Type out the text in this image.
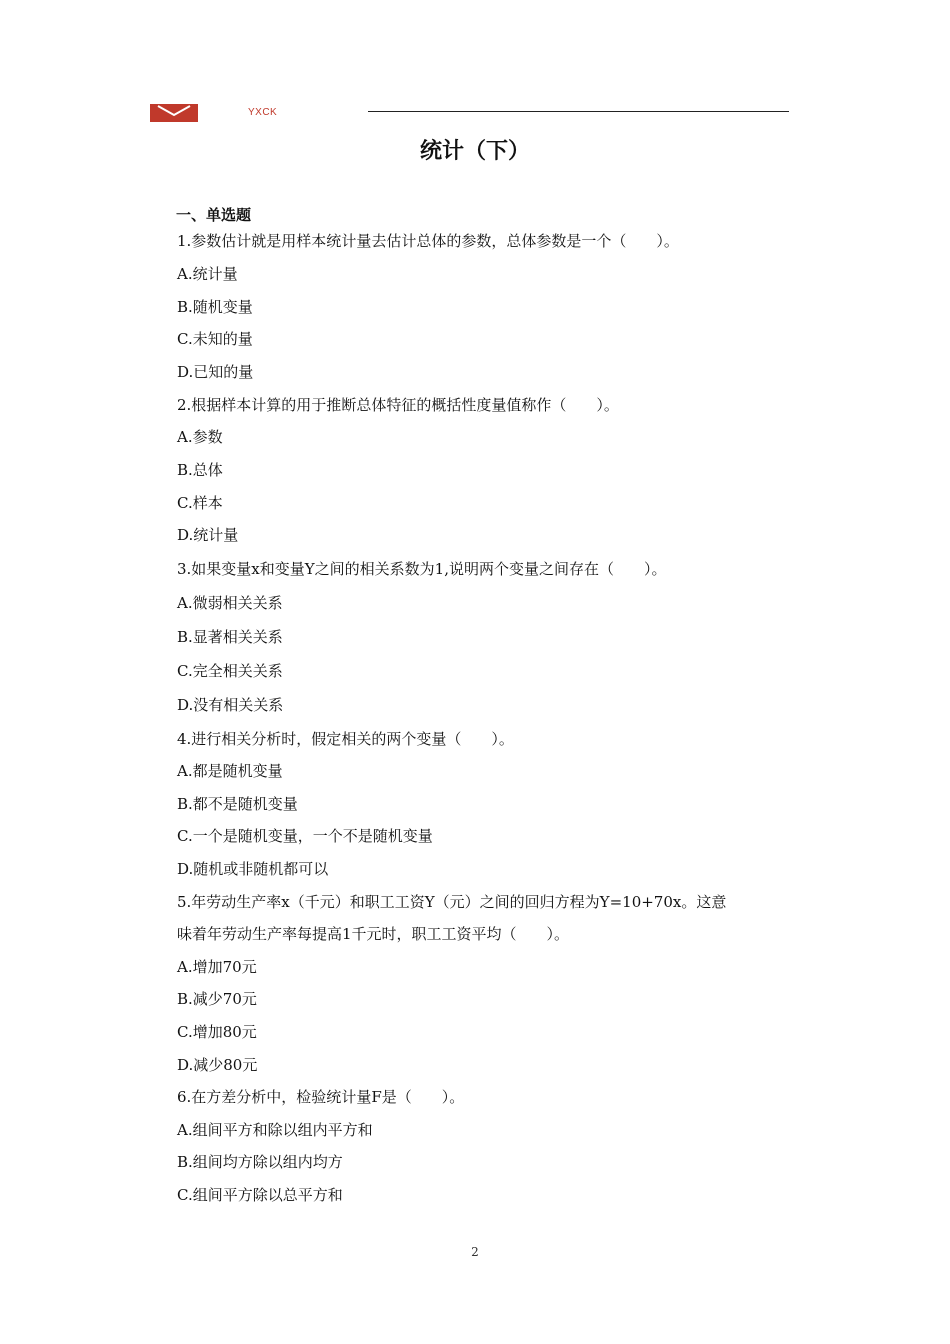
YXCK
统计（下）
一、单选题
1.参数估计就是用样本统计量去估计总体的参数，总体参数是一个（　　）。
A.统计量
B.随机变量
C.未知的量
D.已知的量
2.根据样本计算的用于推断总体特征的概括性度量值称作（　　）。
A.参数
B.总体
C.样本
D.统计量
3.如果变量x和变量Y之间的相关系数为1,说明两个变量之间存在（　　）。
A.微弱相关关系
B.显著相关关系
C.完全相关关系
D.没有相关关系
4.进行相关分析时，假定相关的两个变量（　　）。
A.都是随机变量
B.都不是随机变量
C.一个是随机变量，一个不是随机变量
D.随机或非随机都可以
5.年劳动生产率x（千元）和职工工资Y（元）之间的回归方程为Y=10+70x。这意
味着年劳动生产率每提高1千元时，职工工资平均（　　）。
A.增加70元
B.减少70元
C.增加80元
D.减少80元
6.在方差分析中，检验统计量F是（　　）。
A.组间平方和除以组内平方和
B.组间均方除以组内均方
C.组间平方除以总平方和
2
